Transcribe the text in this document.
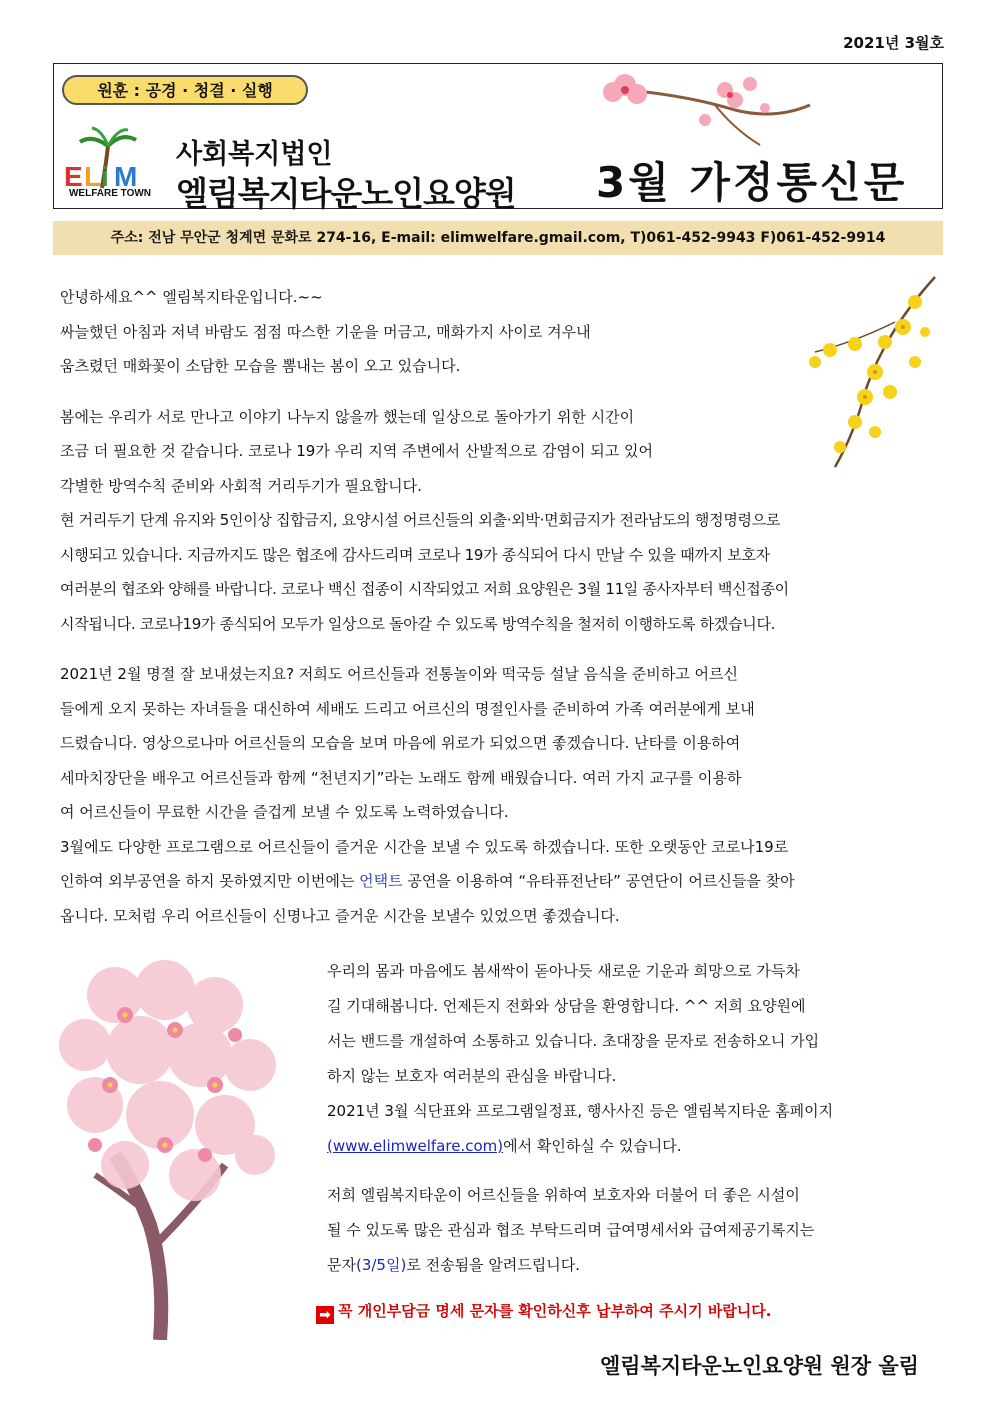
2021년 3월호
원훈 : 공경 · 청결 · 실행
E L i M
WELFARE TOWN
사회복지법인
엘림복지타운노인요양원 3월 가정통신문
주소: 전남 무안군 청계면 문화로 274-16, E-mail: elimwelfare.gmail.com, T)061-452-9943 F)061-452-9914

안녕하세요^^ 엘림복지타운입니다.~~

싸늘했던 아침과 저녁 바람도 점점 따스한 기운을 머금고, 매화가지 사이로 겨우내

움츠렸던 매화꽃이 소담한 모습을 뽐내는 봄이 오고 있습니다.

봄에는 우리가 서로 만나고 이야기 나누지 않을까 했는데 일상으로 돌아가기 위한 시간이

조금 더 필요한 것 같습니다. 코로나 19가 우리 지역 주변에서 산발적으로 감염이 되고 있어

각별한 방역수칙 준비와 사회적 거리두기가 필요합니다.

현 거리두기 단계 유지와 5인이상 집합금지, 요양시설 어르신들의 외출·외박·면회금지가 전라남도의 행정명령으로

시행되고 있습니다. 지금까지도 많은 협조에 감사드리며 코로나 19가 종식되어 다시 만날 수 있을 때까지 보호자

여러분의 협조와 양해를 바랍니다. 코로나 백신 접종이 시작되었고 저희 요양원은 3월 11일 종사자부터 백신접종이

시작됩니다. 코로나19가 종식되어 모두가 일상으로 돌아갈 수 있도록 방역수칙을 철저히 이행하도록 하겠습니다.

2021년 2월 명절 잘 보내셨는지요? 저희도 어르신들과 전통놀이와 떡국등 설날 음식을 준비하고 어르신

들에게 오지 못하는 자녀들을 대신하여 세배도 드리고 어르신의 명절인사를 준비하여 가족 여러분에게 보내

드렸습니다. 영상으로나마 어르신들의 모습을 보며 마음에 위로가 되었으면 좋겠습니다. 난타를 이용하여

세마치장단을 배우고 어르신들과 함께 “천년지기”라는 노래도 함께 배웠습니다. 여러 가지 교구를 이용하

여 어르신들이 무료한 시간을 즐겁게 보낼 수 있도록 노력하였습니다.

3월에도 다양한 프로그램으로 어르신들이 즐거운 시간을 보낼 수 있도록 하겠습니다. 또한 오랫동안 코로나19로

인하여 외부공연을 하지 못하였지만 이번에는 언택트 공연을 이용하여 “유타퓨전난타” 공연단이 어르신들을 찾아

옵니다. 모처럼 우리 어르신들이 신명나고 즐거운 시간을 보낼수 있었으면 좋겠습니다.

우리의 몸과 마음에도 봄새싹이 돋아나듯 새로운 기운과 희망으로 가득차

길 기대해봅니다. 언제든지 전화와 상담을 환영합니다. ^^ 저희 요양원에

서는 밴드를 개설하여 소통하고 있습니다. 초대장을 문자로 전송하오니 가입

하지 않는 보호자 여러분의 관심을 바랍니다.

2021년 3월 식단표와 프로그램일정표, 행사사진 등은 엘림복지타운 홈페이지

(www.elimwelfare.com)에서 확인하실 수 있습니다.

저희 엘림복지타운이 어르신들을 위하여 보호자와 더불어 더 좋은 시설이

될 수 있도록 많은 관심과 협조 부탁드리며 급여명세서와 급여제공기록지는

문자(3/5일)로 전송됨을 알려드립니다.

➡ 꼭 개인부담금 명세 문자를 확인하신후 납부하여 주시기 바랍니다.
엘림복지타운노인요양원 원장 올림
